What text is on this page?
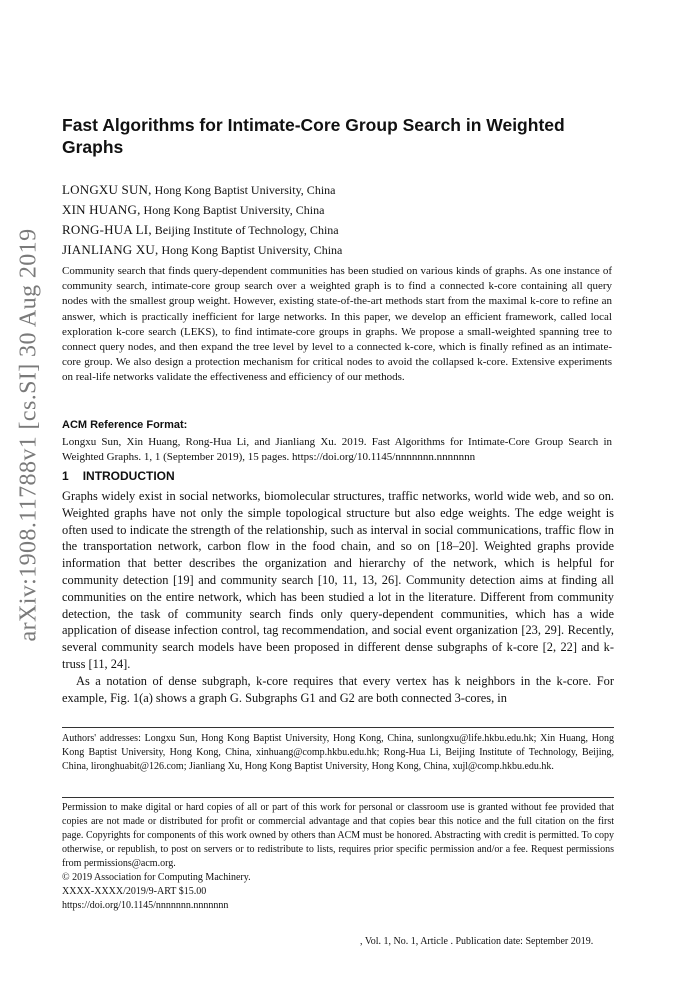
arXiv:1908.11788v1 [cs.SI] 30 Aug 2019
Fast Algorithms for Intimate-Core Group Search in Weighted Graphs
LONGXU SUN, Hong Kong Baptist University, China
XIN HUANG, Hong Kong Baptist University, China
RONG-HUA LI, Beijing Institute of Technology, China
JIANLIANG XU, Hong Kong Baptist University, China

Community search that finds query-dependent communities has been studied on various kinds of graphs. As one instance of community search, intimate-core group search over a weighted graph is to find a connected k-core containing all query nodes with the smallest group weight. However, existing state-of-the-art methods start from the maximal k-core to refine an answer, which is practically inefficient for large networks. In this paper, we develop an efficient framework, called local exploration k-core search (LEKS), to find intimate-core groups in graphs. We propose a small-weighted spanning tree to connect query nodes, and then expand the tree level by level to a connected k-core, which is finally refined as an intimate-core group. We also design a protection mechanism for critical nodes to avoid the collapsed k-core. Extensive experiments on real-life networks validate the effectiveness and efficiency of our methods.

ACM Reference Format:

Longxu Sun, Xin Huang, Rong-Hua Li, and Jianliang Xu. 2019. Fast Algorithms for Intimate-Core Group Search in Weighted Graphs. 1, 1 (September 2019), 15 pages. https://doi.org/10.1145/nnnnnnn.nnnnnnn

1 INTRODUCTION

Graphs widely exist in social networks, biomolecular structures, traffic networks, world wide web, and so on. Weighted graphs have not only the simple topological structure but also edge weights. The edge weight is often used to indicate the strength of the relationship, such as interval in social communications, traffic flow in the transportation network, carbon flow in the food chain, and so on [18–20]. Weighted graphs provide information that better describes the organization and hierarchy of the network, which is helpful for community detection [19] and community search [10, 11, 13, 26]. Community detection aims at finding all communities on the entire network, which has been studied a lot in the literature. Different from community detection, the task of community search finds only query-dependent communities, which has a wide application of disease infection control, tag recommendation, and social event organization [23, 29]. Recently, several community search models have been proposed in different dense subgraphs of k-core [2, 22] and k-truss [11, 24].

As a notation of dense subgraph, k-core requires that every vertex has k neighbors in the k-core. For example, Fig. 1(a) shows a graph G. Subgraphs G1 and G2 are both connected 3-cores, in

Authors' addresses: Longxu Sun, Hong Kong Baptist University, Hong Kong, China, sunlongxu@life.hkbu.edu.hk; Xin Huang, Hong Kong Baptist University, Hong Kong, China, xinhuang@comp.hkbu.edu.hk; Rong-Hua Li, Beijing Institute of Technology, Beijing, China, lironghuabit@126.com; Jianliang Xu, Hong Kong Baptist University, Hong Kong, China, xujl@comp.hkbu.edu.hk.

Permission to make digital or hard copies of all or part of this work for personal or classroom use is granted without fee provided that copies are not made or distributed for profit or commercial advantage and that copies bear this notice and the full citation on the first page. Copyrights for components of this work owned by others than ACM must be honored. Abstracting with credit is permitted. To copy otherwise, or republish, to post on servers or to redistribute to lists, requires prior specific permission and/or a fee. Request permissions from permissions@acm.org.
© 2019 Association for Computing Machinery.
XXXX-XXXX/2019/9-ART $15.00
https://doi.org/10.1145/nnnnnnn.nnnnnnn
, Vol. 1, No. 1, Article . Publication date: September 2019.
